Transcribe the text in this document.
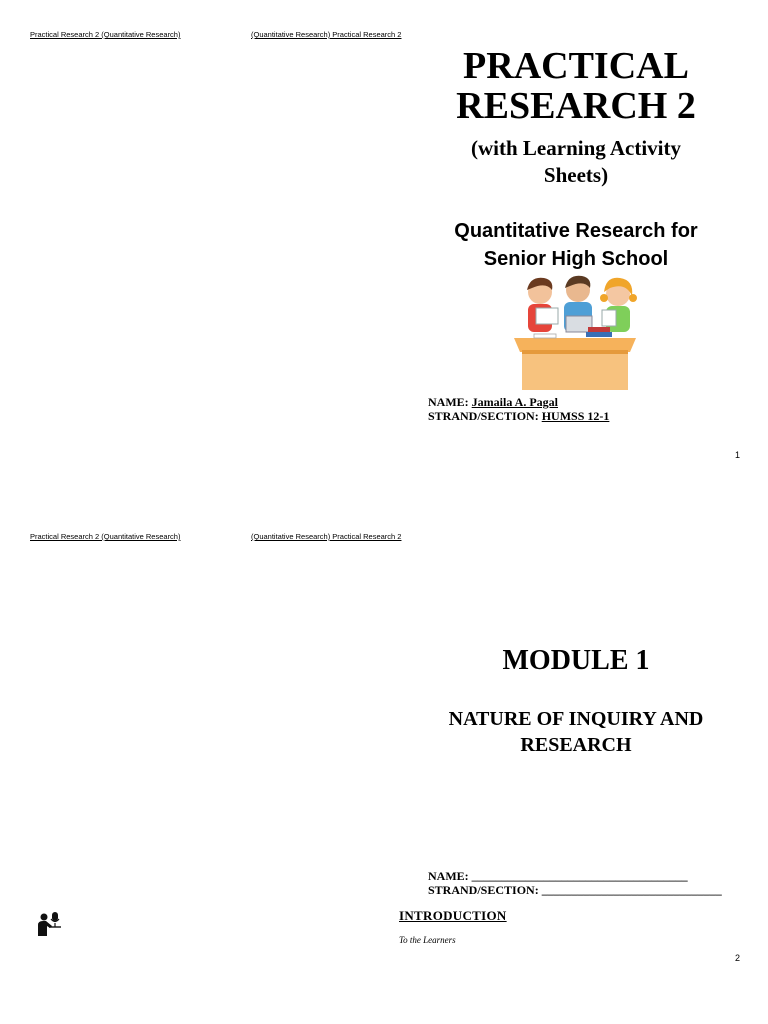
Practical Research 2 (Quantitative Research)	(Quantitative Research) Practical Research 2
PRACTICAL
RESEARCH 2
(with Learning Activity
Sheets)
Quantitative Research for
Senior High School
NAME: Jamaila A. Pagal
STRAND/SECTION: HUMSS 12-1
1
Practical Research 2 (Quantitative Research)	(Quantitative Research) Practical Research 2
MODULE 1
NATURE OF INQUIRY AND
RESEARCH
NAME: ____________________________________
STRAND/SECTION: ______________________________
INTRODUCTION
To the Learners
2
